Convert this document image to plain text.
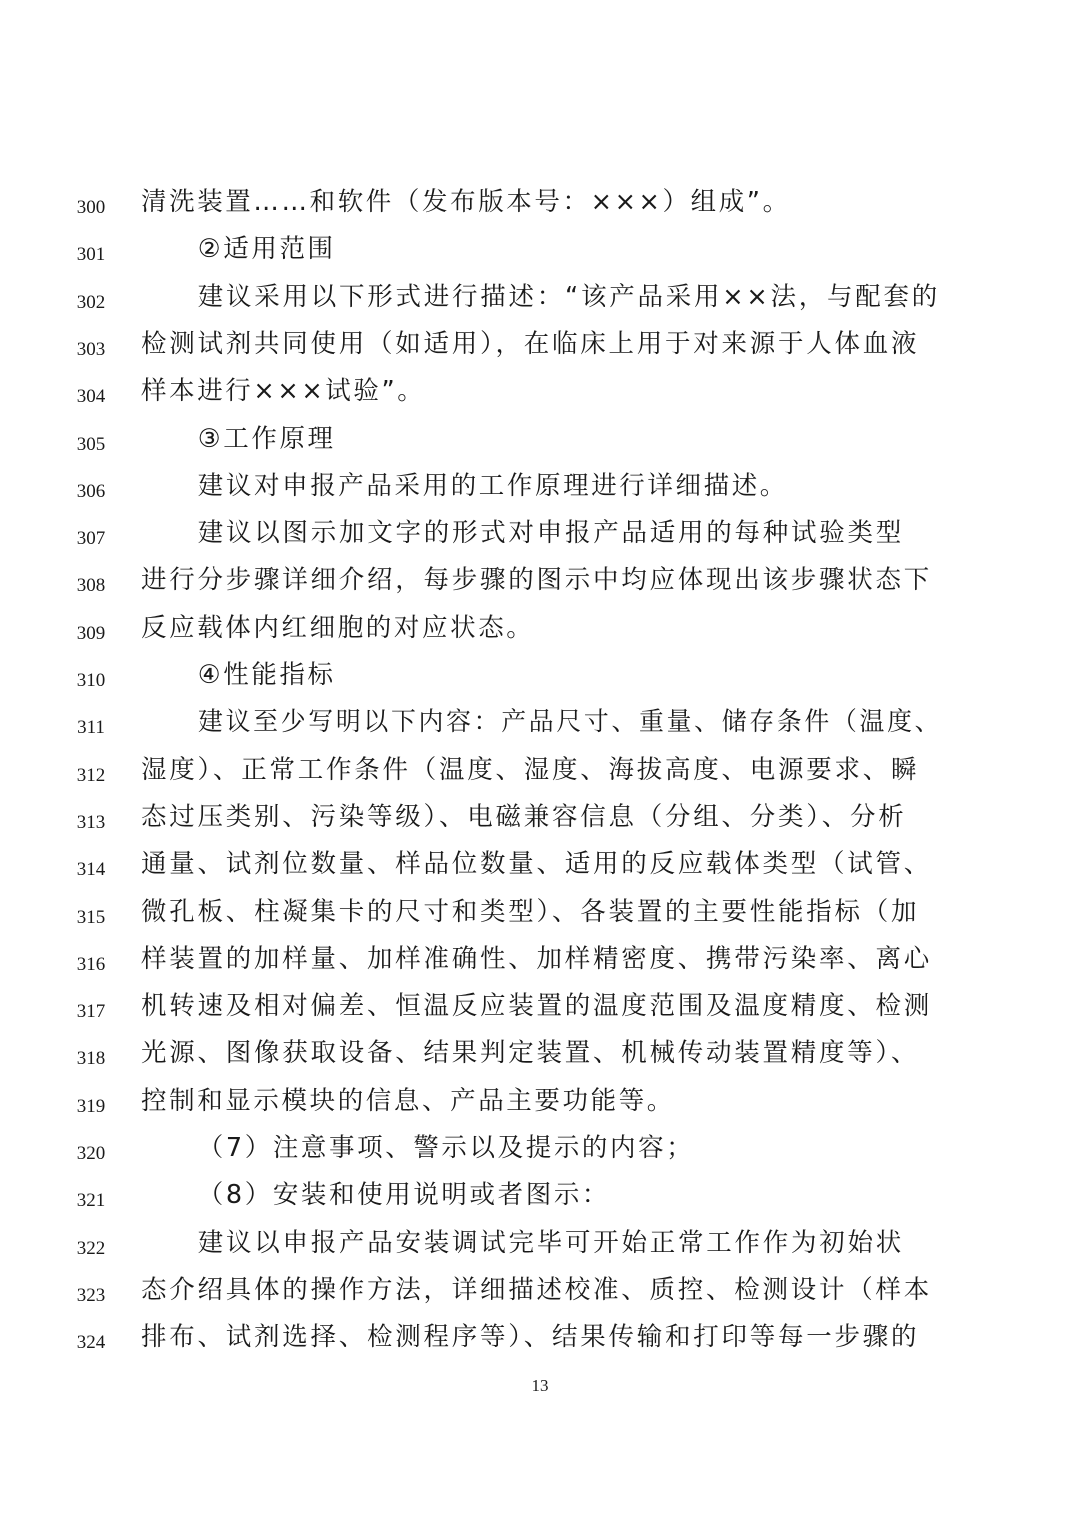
300	清洗装置……和软件（发布版本号：×××）组成”。
301	②适用范围
302	建议采用以下形式进行描述：“该产品采用××法，与配套的
303	检测试剂共同使用（如适用），在临床上用于对来源于人体血液
304	样本进行×××试验”。
305	③工作原理
306	建议对申报产品采用的工作原理进行详细描述。
307	建议以图示加文字的形式对申报产品适用的每种试验类型
308	进行分步骤详细介绍，每步骤的图示中均应体现出该步骤状态下
309	反应载体内红细胞的对应状态。
310	④性能指标
311	建议至少写明以下内容：产品尺寸、重量、储存条件（温度、
312	湿度）、正常工作条件（温度、湿度、海拔高度、电源要求、瞬
313	态过压类别、污染等级）、电磁兼容信息（分组、分类）、分析
314	通量、试剂位数量、样品位数量、适用的反应载体类型（试管、
315	微孔板、柱凝集卡的尺寸和类型）、各装置的主要性能指标（加
316	样装置的加样量、加样准确性、加样精密度、携带污染率、离心
317	机转速及相对偏差、恒温反应装置的温度范围及温度精度、检测
318	光源、图像获取设备、结果判定装置、机械传动装置精度等）、
319	控制和显示模块的信息、产品主要功能等。
320	（7）注意事项、警示以及提示的内容；
321	（8）安装和使用说明或者图示：
322	建议以申报产品安装调试完毕可开始正常工作作为初始状
323	态介绍具体的操作方法，详细描述校准、质控、检测设计（样本
324	排布、试剂选择、检测程序等）、结果传输和打印等每一步骤的
13
